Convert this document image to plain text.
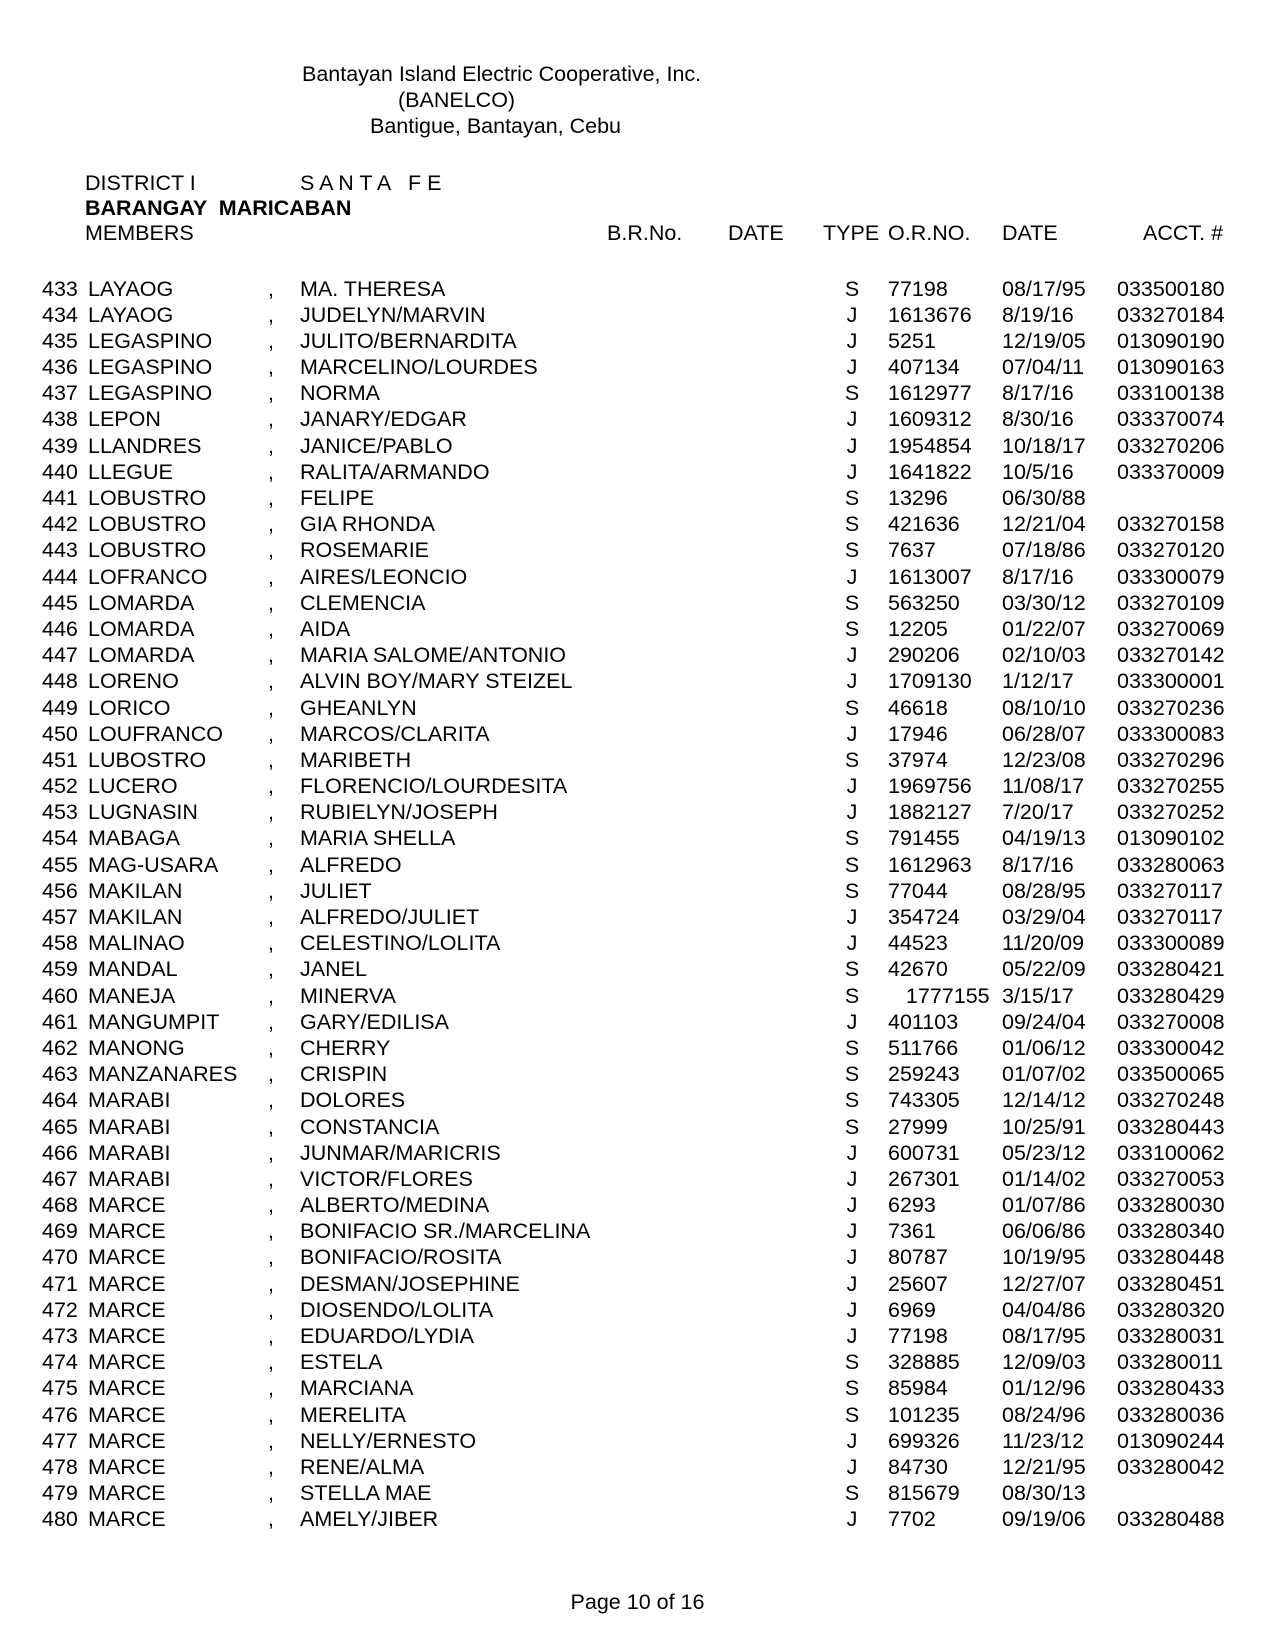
Bantayan Island Electric Cooperative, Inc.
(BANELCO)
Bantigue, Bantayan, Cebu
DISTRICT I	S A N T A   F E
BARANGAY  MARICABAN
MEMBERS	B.R.No. DATE TYPE O.R.NO. DATE	ACCT. #
433 LAYAOG	, MA. THERESA	S 77198	08/17/95 033500180
434 LAYAOG	, JUDELYN/MARVIN	J	1613676 8/19/16 033270184
435 LEGASPINO	, JULITO/BERNARDITA	J	5251	12/19/05 013090190
436 LEGASPINO	, MARCELINO/LOURDES	J	407134 07/04/11 013090163
437 LEGASPINO	, NORMA	S 1612977 8/17/16 033100138
438 LEPON	, JANARY/EDGAR	J	1609312 8/30/16 033370074
439 LLANDRES	, JANICE/PABLO	J	1954854 10/18/17 033270206
440 LLEGUE	, RALITA/ARMANDO	J	1641822 10/5/16 033370009
441 LOBUSTRO	, FELIPE	S 13296	06/30/88
442 LOBUSTRO	, GIA RHONDA	S 421636 12/21/04 033270158
443 LOBUSTRO	, ROSEMARIE	S 7637	07/18/86 033270120
444 LOFRANCO	, AIRES/LEONCIO	J	1613007 8/17/16 033300079
445 LOMARDA	, CLEMENCIA	S 563250 03/30/12 033270109
446 LOMARDA	, AIDA	S 12205	01/22/07 033270069
447 LOMARDA	, MARIA SALOME/ANTONIO	J	290206 02/10/03 033270142
448 LORENO	, ALVIN BOY/MARY STEIZEL	J	1709130 1/12/17 033300001
449 LORICO	, GHEANLYN	S 46618	08/10/10 033270236
450 LOUFRANCO , MARCOS/CLARITA	J	17946	06/28/07 033300083
451 LUBOSTRO	, MARIBETH	S 37974	12/23/08 033270296
452 LUCERO	, FLORENCIO/LOURDESITA	J	1969756 11/08/17 033270255
453 LUGNASIN	, RUBIELYN/JOSEPH	J	1882127 7/20/17 033270252
454 MABAGA	, MARIA SHELLA	S 791455 04/19/13 013090102
455 MAG-USARA , ALFREDO	S 1612963 8/17/16 033280063
456 MAKILAN	, JULIET	S 77044	08/28/95 033270117
457 MAKILAN	, ALFREDO/JULIET	J	354724 03/29/04 033270117
458 MALINAO	, CELESTINO/LOLITA	J	44523	11/20/09 033300089
459 MANDAL	, JANEL	S 42670	05/22/09 033280421
460 MANEJA	, MINERVA	S 1777155 3/15/17 033280429
461 MANGUMPIT , GARY/EDILISA	J	401103 09/24/04 033270008
462 MANONG	, CHERRY	S 511766 01/06/12 033300042
463 MANZANARES , CRISPIN	S 259243 01/07/02 033500065
464 MARABI	, DOLORES	S 743305 12/14/12 033270248
465 MARABI	, CONSTANCIA	S 27999	10/25/91 033280443
466 MARABI	, JUNMAR/MARICRIS	J	600731 05/23/12 033100062
467 MARABI	, VICTOR/FLORES	J	267301 01/14/02 033270053
468 MARCE	, ALBERTO/MEDINA	J	6293	01/07/86 033280030
469 MARCE	, BONIFACIO SR./MARCELINA	J	7361	06/06/86 033280340
470 MARCE	, BONIFACIO/ROSITA	J	80787	10/19/95 033280448
471 MARCE	, DESMAN/JOSEPHINE	J	25607	12/27/07 033280451
472 MARCE	, DIOSENDO/LOLITA	J	6969	04/04/86 033280320
473 MARCE	, EDUARDO/LYDIA	J	77198	08/17/95 033280031
474 MARCE	, ESTELA	S 328885 12/09/03 033280011
475 MARCE	, MARCIANA	S 85984	01/12/96 033280433
476 MARCE	, MERELITA	S 101235 08/24/96 033280036
477 MARCE	, NELLY/ERNESTO	J	699326 11/23/12 013090244
478 MARCE	, RENE/ALMA	J	84730	12/21/95 033280042
479 MARCE	, STELLA MAE	S 815679 08/30/13
480 MARCE	, AMELY/JIBER	J	7702	09/19/06 033280488
Page 10 of 16
